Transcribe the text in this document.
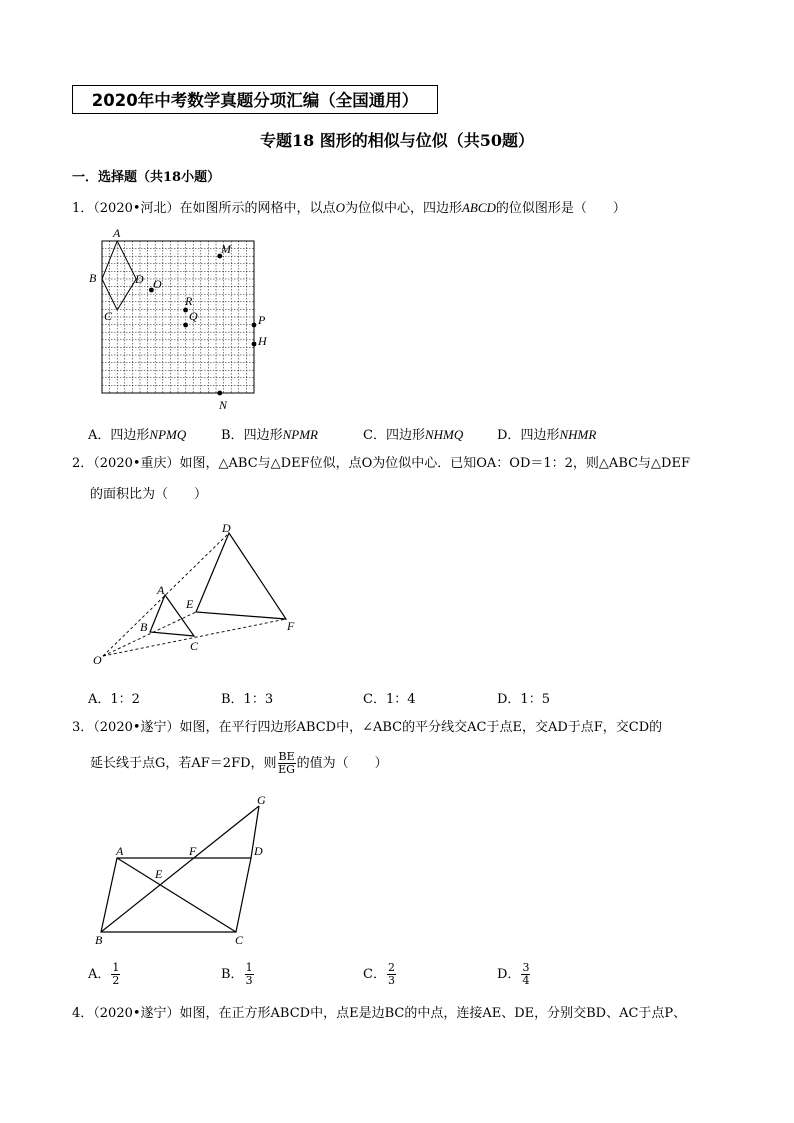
2020年中考数学真题分项汇编（全国通用）
专题18 图形的相似与位似（共50题）
一．选择题（共18小题）
1．（2020•河北）在如图所示的网格中，以点O为位似中心，四边形ABCD的位似图形是（　　）
A
B
C
D O
M
R
Q	P
H
N
A．四边形NPMQ	B．四边形NPMR	C．四边形NHMQ	D．四边形NHMR
2．（2020•重庆）如图，△ABC与△DEF位似，点O为位似中心．已知OA：OD＝1：2，则△ABC与△DEF
的面积比为（　　）
D
A
E
B
C
F
O
A．1：2	B．1：3	C．1：4	D．1：5
3．（2020•遂宁）如图，在平行四边形ABCD中，∠ABC的平分线交AC于点E，交AD于点F，交CD的
延长线于点G，若AF＝2FD，则 $\frac{BE}{EG}$ 的值为（　　）
A	F	D
G
E
B	C
A． $\frac{1}{2}$	B． $\frac{1}{3}$	C． $\frac{2}{3}$	D． $\frac{3}{4}$
4．（2020•遂宁）如图，在正方形ABCD中，点E是边BC的中点，连接AE、DE，分别交BD、AC于点P、
